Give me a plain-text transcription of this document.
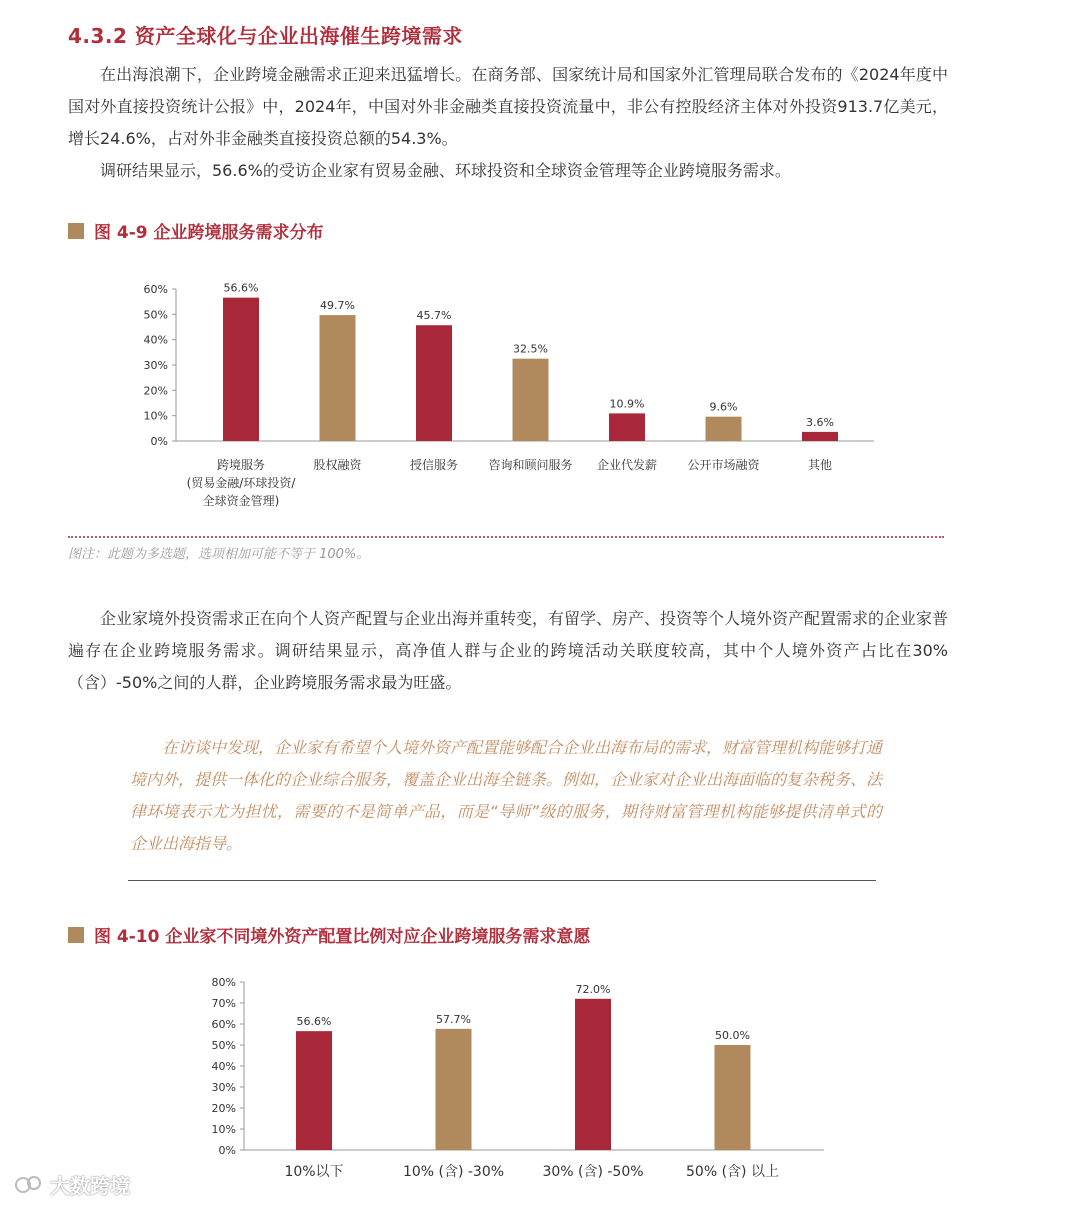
4.3.2 资产全球化与企业出海催生跨境需求

在出海浪潮下，企业跨境金融需求正迎来迅猛增长。在商务部、国家统计局和国家外汇管理局联合发布的《2024年度中国对外直接投资统计公报》中，2024年，中国对外非金融类直接投资流量中，非公有控股经济主体对外投资913.7亿美元，增长24.6%，占对外非金融类直接投资总额的54.3%。

调研结果显示，56.6%的受访企业家有贸易金融、环球投资和全球资金管理等企业跨境服务需求。

图 4-9 企业跨境服务需求分布
0%
10%
20%
30%
40%
50%
60%	56.6%
跨境服务
(贸易金融/环球投资/
全球资金管理)
49.7%
股权融资
45.7%
授信服务
32.5%
咨询和顾问服务
10.9%
企业代发薪
9.6%
公开市场融资
3.6%
其他
图注：此题为多选题，选项相加可能不等于 100%。

企业家境外投资需求正在向个人资产配置与企业出海并重转变，有留学、房产、投资等个人境外资产配置需求的企业家普遍存在企业跨境服务需求。调研结果显示，高净值人群与企业的跨境活动关联度较高，其中个人境外资产占比在30%（含）-50%之间的人群，企业跨境服务需求最为旺盛。

在访谈中发现，企业家有希望个人境外资产配置能够配合企业出海布局的需求，财富管理机构能够打通境内外，提供一体化的企业综合服务，覆盖企业出海全链条。例如，企业家对企业出海面临的复杂税务、法律环境表示尤为担忧，需要的不是简单产品，而是“导师”级的服务，期待财富管理机构能够提供清单式的企业出海指导。

图 4-10 企业家不同境外资产配置比例对应企业跨境服务需求意愿
0%
10%
20%
30%
40%
50%
60%
70%
80%
56.6%
10%以下
57.7%
10% (含) -30%
72.0%
30% (含) -50%
50.0%
50% (含) 以上
大数跨境
